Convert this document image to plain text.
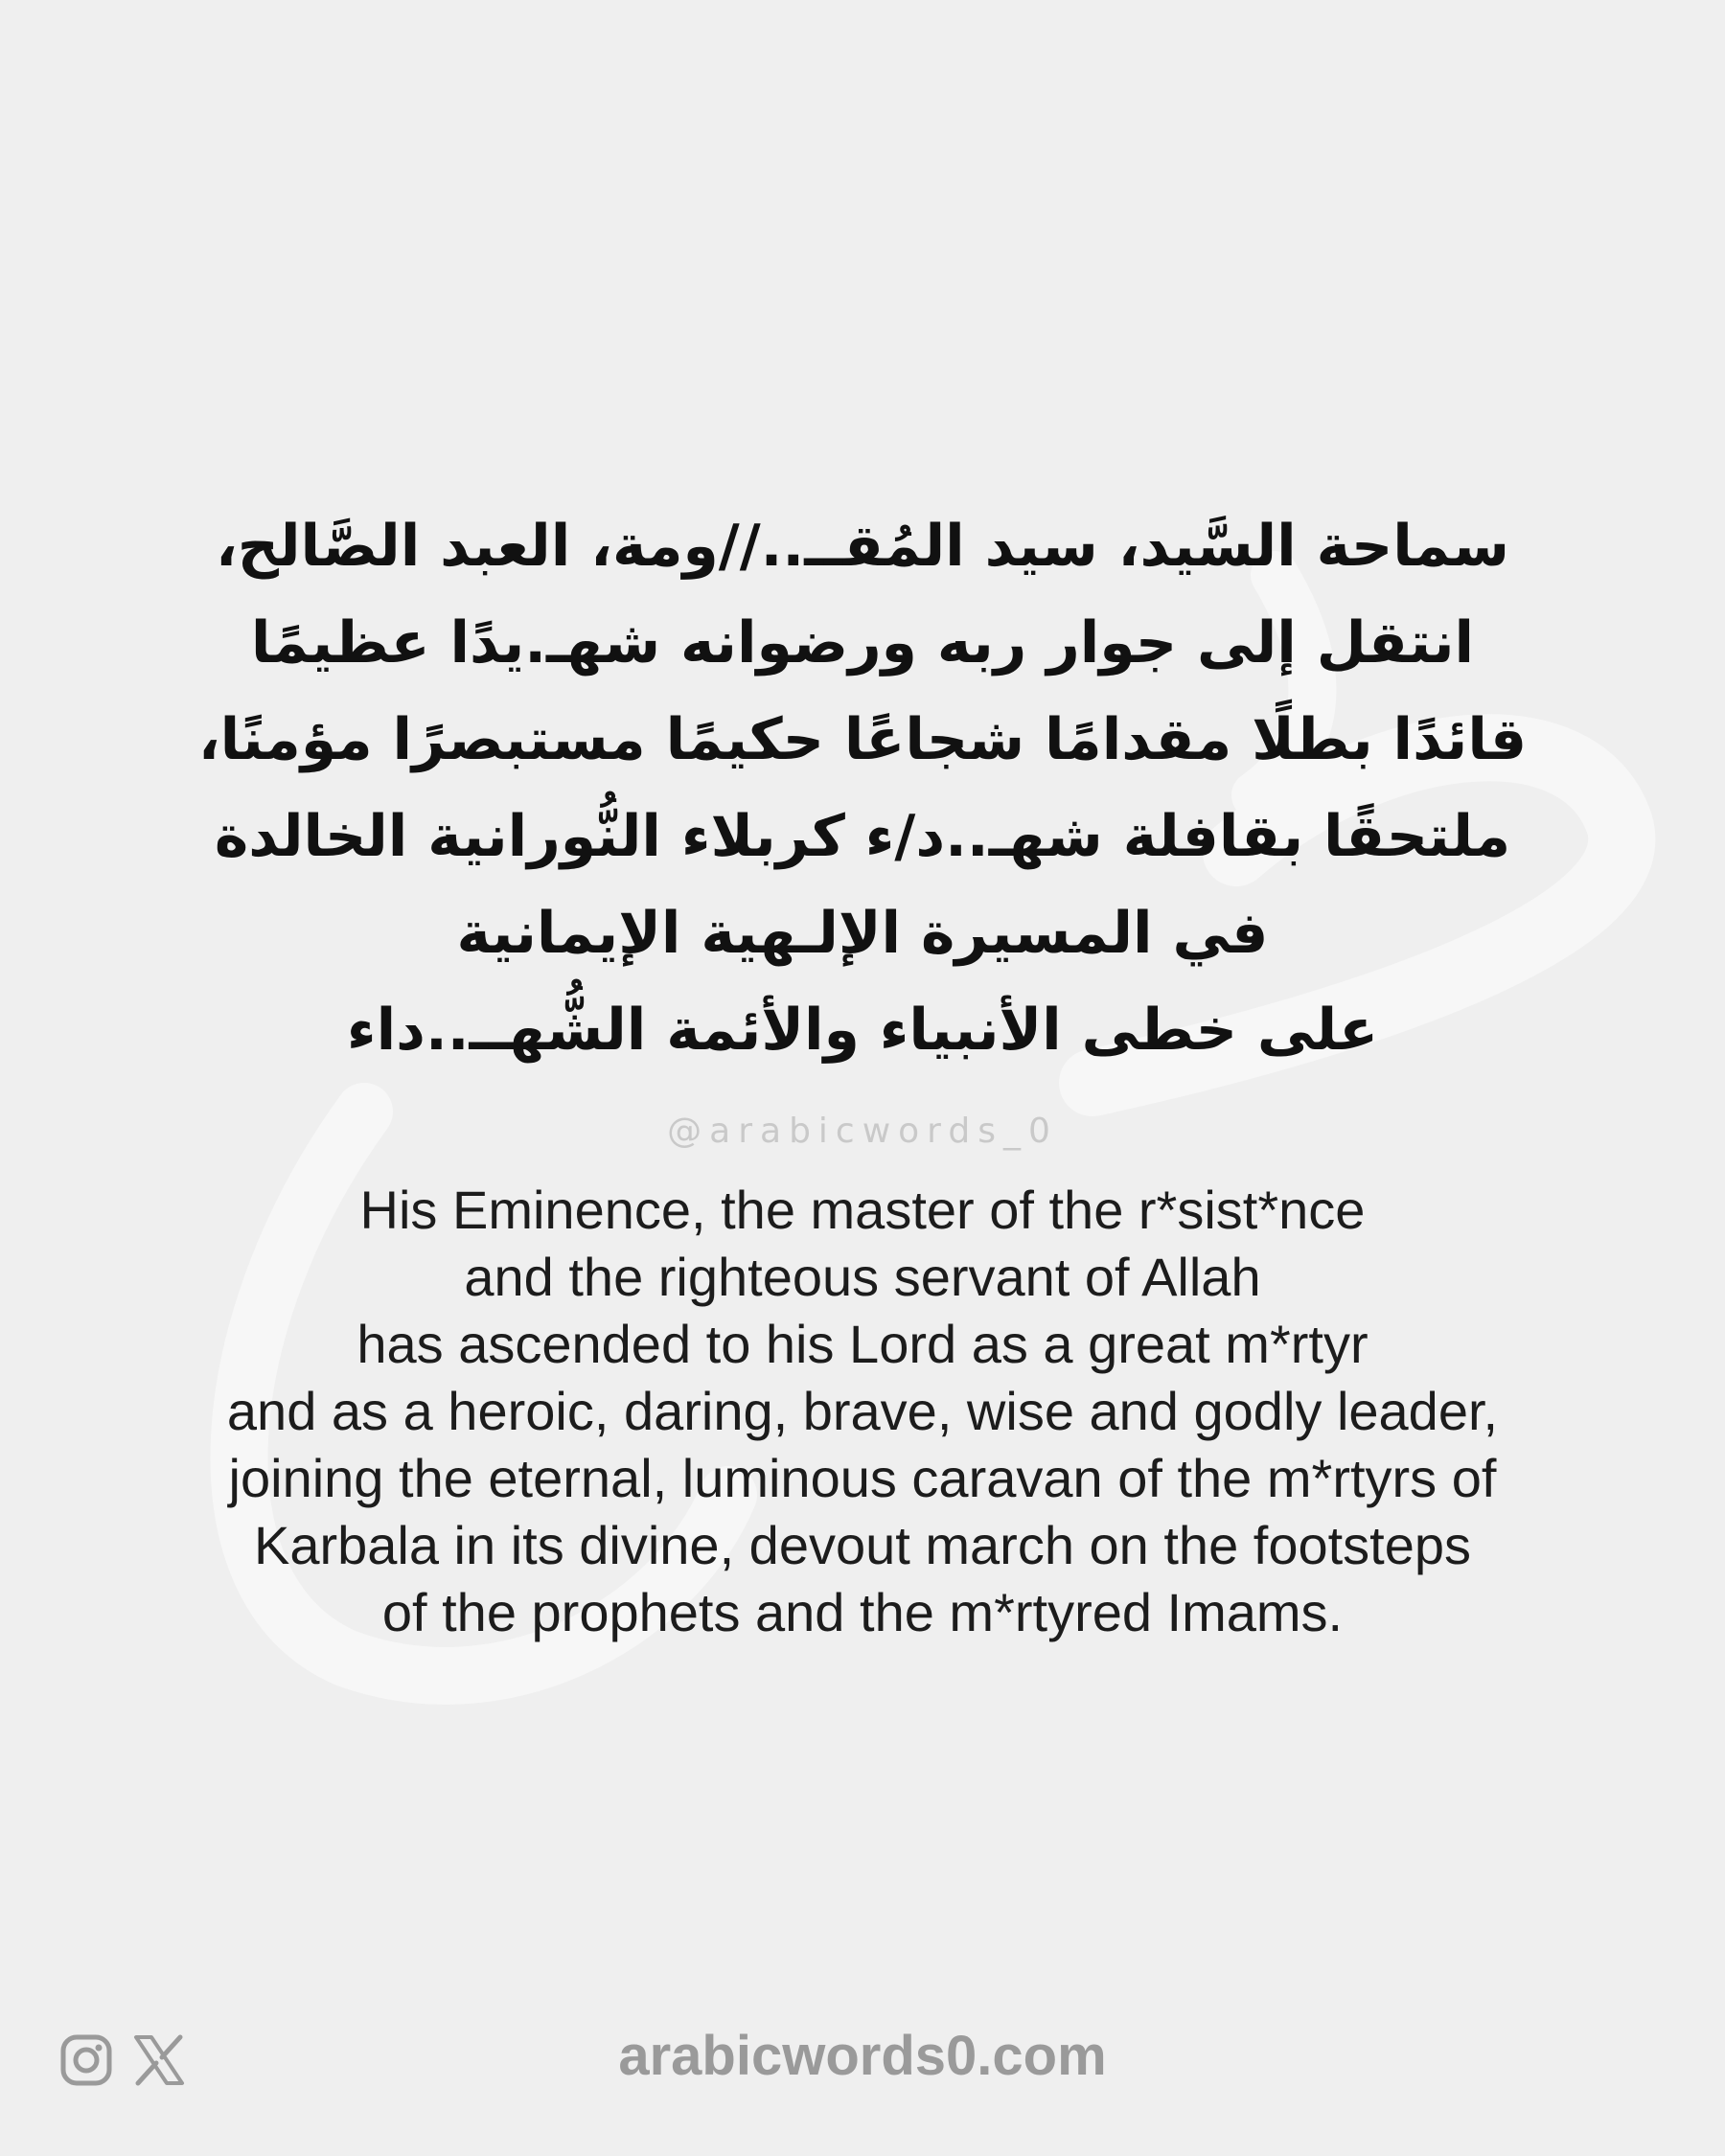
سماحة السَّيد، سيد المُقــ..//ومة، العبد الصَّالح،
انتقل إلى جوار ربه ورضوانه شهـ.يدًا عظيمًا
قائدًا بطلًا مقدامًا شجاعًا حكيمًا مستبصرًا مؤمنًا،
ملتحقًا بقافلة شهـ..د/ء كربلاء النُّورانية الخالدة
في المسيرة الإلـهية الإيمانية
على خطى الأنبياء والأئمة الشُّهــ..داء
@arabicwords_0
His Eminence, the master of the r*sist*nce
and the righteous servant of Allah
has ascended to his Lord as a great m*rtyr
and as a heroic, daring, brave, wise and godly leader,
joining the eternal, luminous caravan of the m*rtyrs of
Karbala in its divine, devout march on the footsteps
of the prophets and the m*rtyred Imams.
arabicwords0.com
